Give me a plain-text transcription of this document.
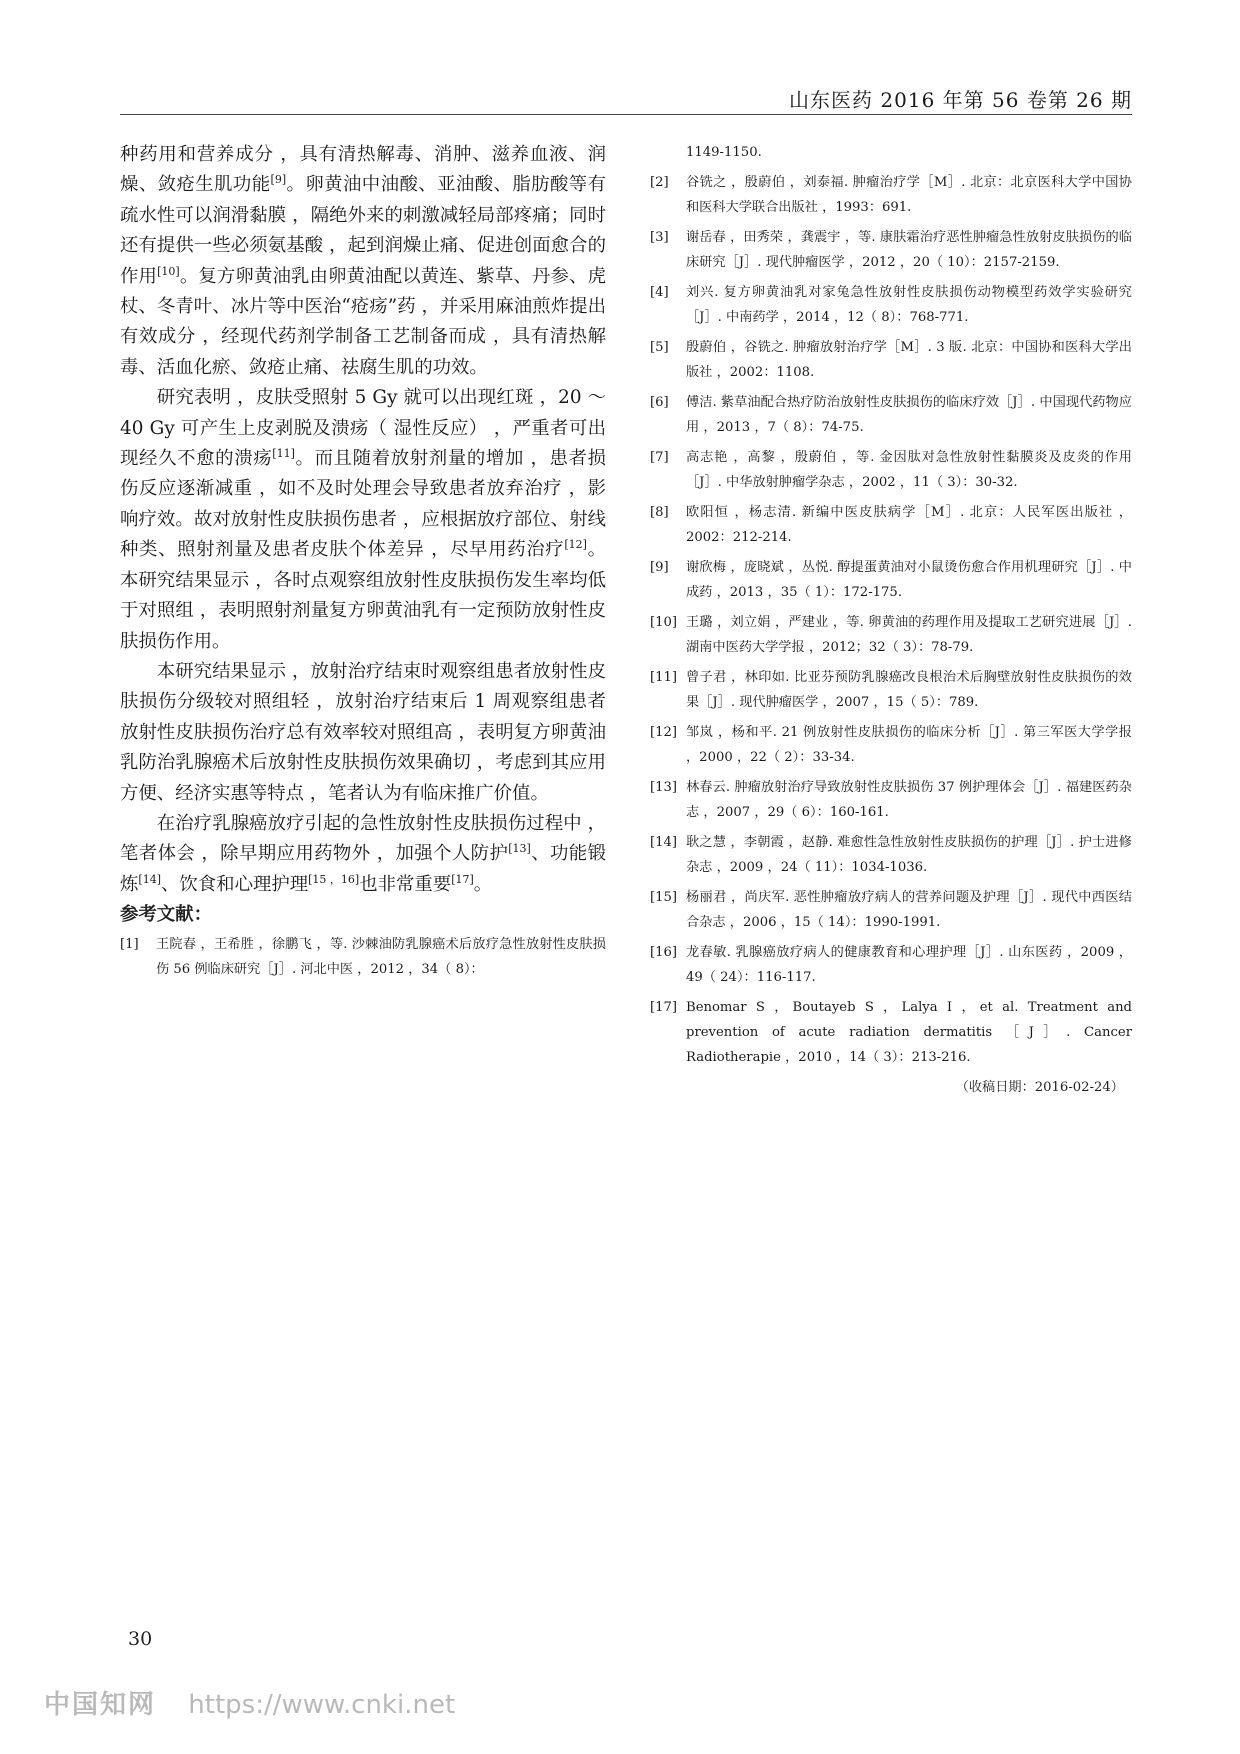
山东医药 2016 年第 56 卷第 26 期

种药用和营养成分 ，具有清热解毒、消肿、滋养血液、润燥、敛疮生肌功能[9]。卵黄油中油酸、亚油酸、脂肪酸等有疏水性可以润滑黏膜 ，隔绝外来的刺激减轻局部疼痛；同时还有提供一些必须氨基酸 ，起到润燥止痛、促进创面愈合的作用[10]。复方卵黄油乳由卵黄油配以黄连、紫草、丹参、虎杖、冬青叶、冰片等中医治“疮疡”药 ，并采用麻油煎炸提出有效成分 ，经现代药剂学制备工艺制备而成 ，具有清热解毒、活血化瘀、敛疮止痛、祛腐生肌的功效。

研究表明 ，皮肤受照射 5 Gy 就可以出现红斑 ，20 ～40 Gy 可产生上皮剥脱及溃疡（ 湿性反应） ，严重者可出现经久不愈的溃疡[11]。而且随着放射剂量的增加 ，患者损伤反应逐渐减重 ，如不及时处理会导致患者放弃治疗 ，影响疗效。故对放射性皮肤损伤患者 ，应根据放疗部位、射线种类、照射剂量及患者皮肤个体差异 ，尽早用药治疗[12]。本研究结果显示 ，各时点观察组放射性皮肤损伤发生率均低于对照组 ，表明照射剂量复方卵黄油乳有一定预防放射性皮肤损伤作用。

本研究结果显示 ，放射治疗结束时观察组患者放射性皮肤损伤分级较对照组轻 ，放射治疗结束后 1 周观察组患者放射性皮肤损伤治疗总有效率较对照组高 ，表明复方卵黄油乳防治乳腺癌术后放射性皮肤损伤效果确切 ，考虑到其应用方便、经济实惠等特点 ，笔者认为有临床推广价值。

在治疗乳腺癌放疗引起的急性放射性皮肤损伤过程中 ，笔者体会 ，除早期应用药物外 ，加强个人防护[13]、功能锻炼[14]、饮食和心理护理[15 ，16]也非常重要[17]。

参考文献：
[1] 王院春 ，王希胜 ，徐鹏飞 ，等. 沙棘油防乳腺癌术后放疗急性放射性皮肤损伤 56 例临床研究［J］. 河北中医 ，2012 ，34（ 8）：
1149-1150.
[2] 谷铣之 ，殷蔚伯 ，刘泰福. 肿瘤治疗学［M］. 北京：北京医科大学中国协和医科大学联合出版社 ，1993：691.
[3] 谢岳春 ，田秀荣 ，龚震宇 ，等. 康肤霜治疗恶性肿瘤急性放射皮肤损伤的临床研究［J］. 现代肿瘤医学 ，2012 ，20（ 10）：2157-2159.
[4] 刘兴. 复方卵黄油乳对家兔急性放射性皮肤损伤动物模型药效学实验研究［J］. 中南药学 ，2014 ，12（ 8）：768-771.
[5] 殷蔚伯 ，谷铣之. 肿瘤放射治疗学［M］. 3 版. 北京：中国协和医科大学出版社 ，2002：1108.
[6] 傅洁. 紫草油配合热疗防治放射性皮肤损伤的临床疗效［J］. 中国现代药物应用 ，2013 ，7（ 8）：74-75.
[7] 高志艳 ，高黎 ，殷蔚伯 ，等. 金因肽对急性放射性黏膜炎及皮炎的作用［J］. 中华放射肿瘤学杂志 ，2002 ，11（ 3）：30-32.
[8] 欧阳恒 ，杨志清. 新编中医皮肤病学［M］. 北京：人民军医出版社 ，2002：212-214.
[9] 谢欣梅 ，庞晓斌 ，丛悦. 醇提蛋黄油对小鼠烫伤愈合作用机理研究［J］. 中成药 ，2013 ，35（ 1）：172-175.
[10] 王璐 ，刘立娟 ，严建业 ，等. 卵黄油的药理作用及提取工艺研究进展［J］. 湖南中医药大学学报 ，2012；32（ 3）：78-79.
[11] 曾子君 ，林印如. 比亚芬预防乳腺癌改良根治术后胸壁放射性皮肤损伤的效果［J］. 现代肿瘤医学 ，2007 ，15（ 5）：789.
[12] 邹岚 ，杨和平. 21 例放射性皮肤损伤的临床分析［J］. 第三军医大学学报 ，2000 ，22（ 2）：33-34.
[13] 林春云. 肿瘤放射治疗导致放射性皮肤损伤 37 例护理体会［J］. 福建医药杂志 ，2007 ，29（ 6）：160-161.
[14] 耿之慧 ，李朝霞 ，赵静. 难愈性急性放射性皮肤损伤的护理［J］. 护士进修杂志 ，2009 ，24（ 11）：1034-1036.
[15] 杨丽君 ，尚庆军. 恶性肿瘤放疗病人的营养问题及护理［J］. 现代中西医结合杂志 ，2006 ，15（ 14）：1990-1991.
[16] 龙春敏. 乳腺癌放疗病人的健康教育和心理护理［J］. 山东医药 ，2009 ，49（ 24）：116-117.
[17] Benomar S ，Boutayeb S ，Lalya I ，et al. Treatment and prevention of acute radiation dermatitis ［J］. Cancer Radiotherapie ，2010 ，14（ 3）：213-216.
（收稿日期：2016-02-24）
30
中国知网 https://www.cnki.net
